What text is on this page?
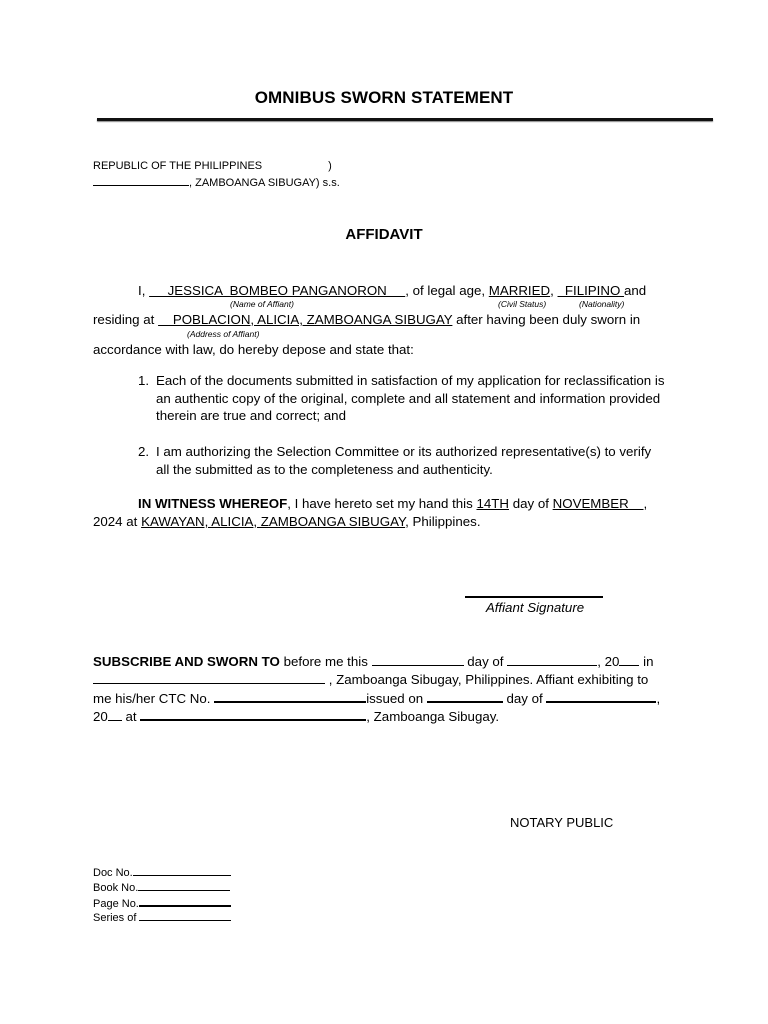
OMNIBUS SWORN STATEMENT
REPUBLIC OF THE PHILIPPINES	)
, ZAMBOANGA SIBUGAY) s.s.
AFFIDAVIT
I,      JESSICA  BOMBEO PANGANORON     , of legal age, MARRIED,   FILIPINO and
(Name of Affiant)	(Civil Status)	(Nationality)
residing at     POBLACION, ALICIA, ZAMBOANGA SIBUGAY after having been duly sworn in
(Address of Affiant)
accordance with law, do hereby depose and state that:
1. Each of the documents submitted in satisfaction of my application for reclassification is an authentic copy of the original, complete and all statement and information provided therein are true and correct; and
2. I am authorizing the Selection Committee or its authorized representative(s) to verify all the submitted as to the completeness and authenticity.
IN WITNESS WHEREOF, I have hereto set my hand this 14TH day of NOVEMBER    ,
2024 at KAWAYAN, ALICIA, ZAMBOANGA SIBUGAY, Philippines.
Affiant Signature
SUBSCRIBE AND SWORN TO before me this	day of	, 20 in
, Zamboanga Sibugay, Philippines. Affiant exhibiting to
me his/her CTC No.	issued on	day of	,
20 at	, Zamboanga Sibugay.
NOTARY PUBLIC
Doc No.
Book No.
Page No.
Series of
